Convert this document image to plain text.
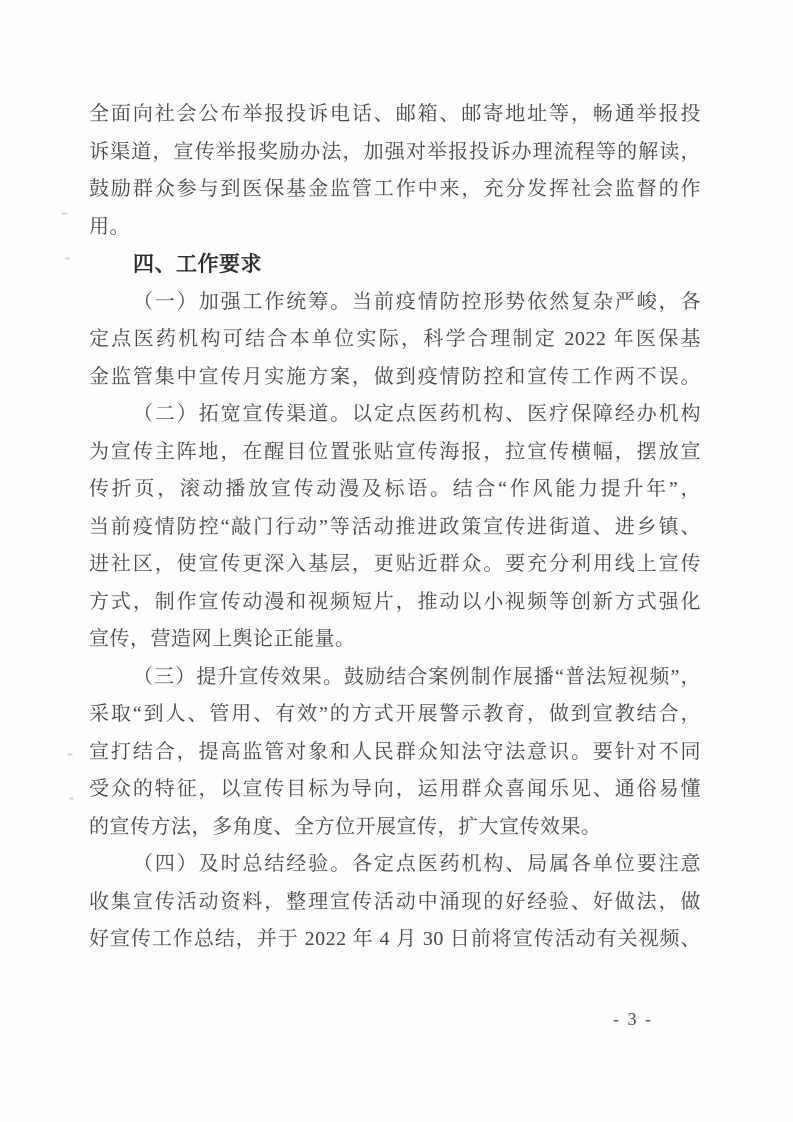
全面向社会公布举报投诉电话、邮箱、邮寄地址等，畅通举报投
诉渠道，宣传举报奖励办法，加强对举报投诉办理流程等的解读，
鼓励群众参与到医保基金监管工作中来，充分发挥社会监督的作
用。
四、工作要求
（一）加强工作统筹。当前疫情防控形势依然复杂严峻，各
定点医药机构可结合本单位实际，科学合理制定 2022 年医保基
金监管集中宣传月实施方案，做到疫情防控和宣传工作两不误。
（二）拓宽宣传渠道。以定点医药机构、医疗保障经办机构
为宣传主阵地，在醒目位置张贴宣传海报，拉宣传横幅，摆放宣
传折页，滚动播放宣传动漫及标语。结合“作风能力提升年”，
当前疫情防控“敲门行动”等活动推进政策宣传进街道、进乡镇、
进社区，使宣传更深入基层，更贴近群众。要充分利用线上宣传
方式，制作宣传动漫和视频短片，推动以小视频等创新方式强化
宣传，营造网上舆论正能量。
（三）提升宣传效果。鼓励结合案例制作展播“普法短视频”，
采取“到人、管用、有效”的方式开展警示教育，做到宣教结合，
宣打结合，提高监管对象和人民群众知法守法意识。要针对不同
受众的特征，以宣传目标为导向，运用群众喜闻乐见、通俗易懂
的宣传方法，多角度、全方位开展宣传，扩大宣传效果。
（四）及时总结经验。各定点医药机构、局属各单位要注意
收集宣传活动资料，整理宣传活动中涌现的好经验、好做法，做
好宣传工作总结，并于 2022 年 4 月 30 日前将宣传活动有关视频、
- 3 -
